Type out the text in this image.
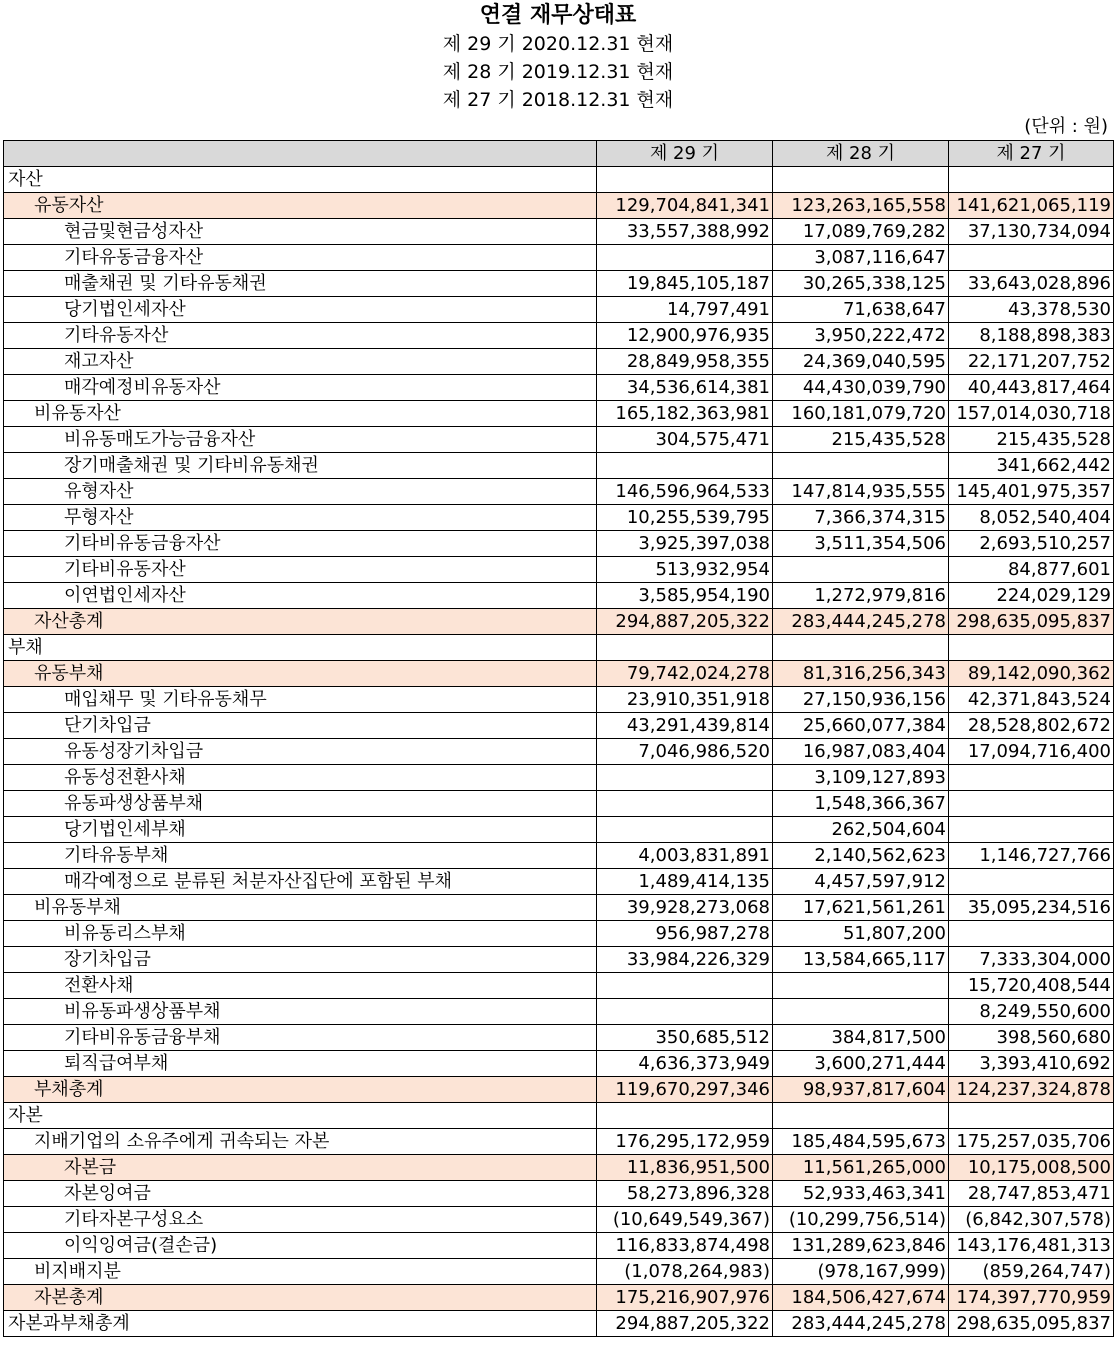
연결 재무상태표
제 29 기 2020.12.31 현재
제 28 기 2019.12.31 현재
제 27 기 2018.12.31 현재
(단위 : 원)
	제 29 기	제 28 기	제 27 기
자산			
유동자산	129,704,841,341	123,263,165,558	141,621,065,119
현금및현금성자산	33,557,388,992	17,089,769,282	37,130,734,094
기타유동금융자산		3,087,116,647	
매출채권 및 기타유동채권	19,845,105,187	30,265,338,125	33,643,028,896
당기법인세자산	14,797,491	71,638,647	43,378,530
기타유동자산	12,900,976,935	3,950,222,472	8,188,898,383
재고자산	28,849,958,355	24,369,040,595	22,171,207,752
매각예정비유동자산	34,536,614,381	44,430,039,790	40,443,817,464
비유동자산	165,182,363,981	160,181,079,720	157,014,030,718
비유동매도가능금융자산	304,575,471	215,435,528	215,435,528
장기매출채권 및 기타비유동채권			341,662,442
유형자산	146,596,964,533	147,814,935,555	145,401,975,357
무형자산	10,255,539,795	7,366,374,315	8,052,540,404
기타비유동금융자산	3,925,397,038	3,511,354,506	2,693,510,257
기타비유동자산	513,932,954		84,877,601
이연법인세자산	3,585,954,190	1,272,979,816	224,029,129
자산총계	294,887,205,322	283,444,245,278	298,635,095,837
부채			
유동부채	79,742,024,278	81,316,256,343	89,142,090,362
매입채무 및 기타유동채무	23,910,351,918	27,150,936,156	42,371,843,524
단기차입금	43,291,439,814	25,660,077,384	28,528,802,672
유동성장기차입금	7,046,986,520	16,987,083,404	17,094,716,400
유동성전환사채		3,109,127,893	
유동파생상품부채		1,548,366,367	
당기법인세부채		262,504,604	
기타유동부채	4,003,831,891	2,140,562,623	1,146,727,766
매각예정으로 분류된 처분자산집단에 포함된 부채	1,489,414,135	4,457,597,912	
비유동부채	39,928,273,068	17,621,561,261	35,095,234,516
비유동리스부채	956,987,278	51,807,200	
장기차입금	33,984,226,329	13,584,665,117	7,333,304,000
전환사채			15,720,408,544
비유동파생상품부채			8,249,550,600
기타비유동금융부채	350,685,512	384,817,500	398,560,680
퇴직급여부채	4,636,373,949	3,600,271,444	3,393,410,692
부채총계	119,670,297,346	98,937,817,604	124,237,324,878
자본			
지배기업의 소유주에게 귀속되는 자본	176,295,172,959	185,484,595,673	175,257,035,706
자본금	11,836,951,500	11,561,265,000	10,175,008,500
자본잉여금	58,273,896,328	52,933,463,341	28,747,853,471
기타자본구성요소	(10,649,549,367)	(10,299,756,514)	(6,842,307,578)
이익잉여금(결손금)	116,833,874,498	131,289,623,846	143,176,481,313
비지배지분	(1,078,264,983)	(978,167,999)	(859,264,747)
자본총계	175,216,907,976	184,506,427,674	174,397,770,959
자본과부채총계	294,887,205,322	283,444,245,278	298,635,095,837
